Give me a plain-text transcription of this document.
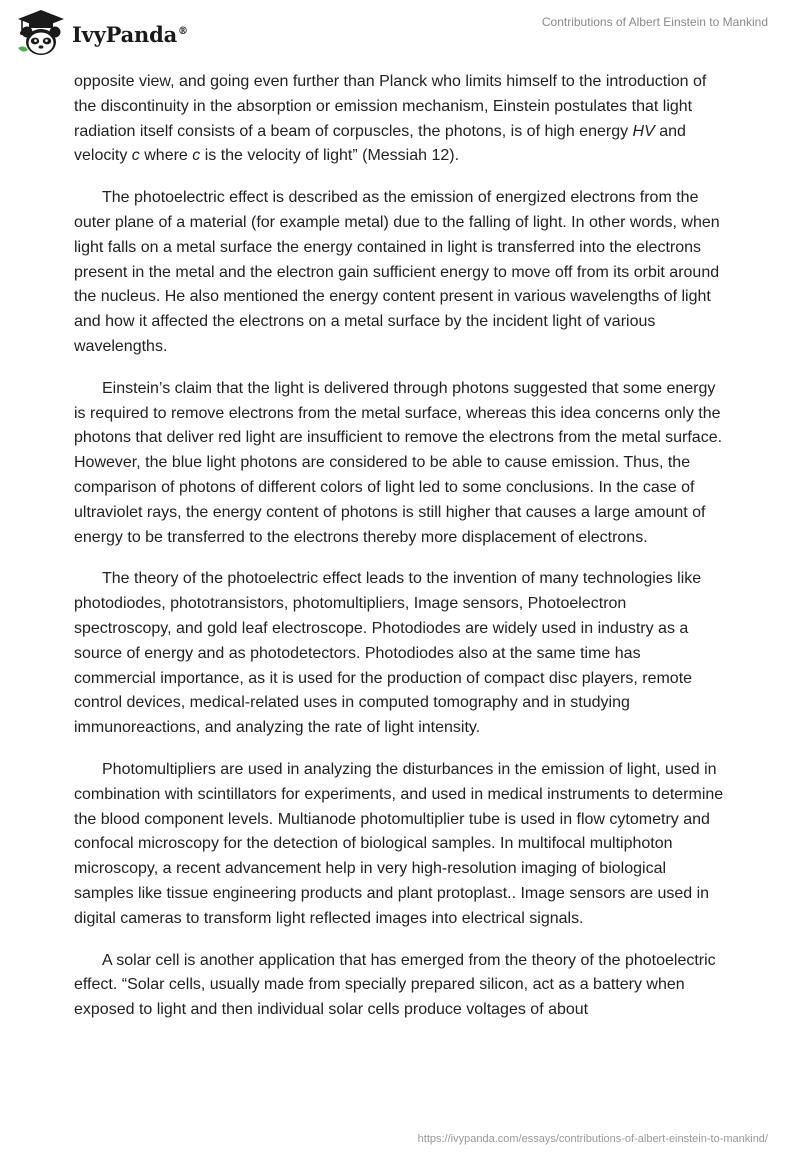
IvyPanda®
Contributions of Albert Einstein to Mankind

opposite view, and going even further than Planck who limits himself to the introduction of the discontinuity in the absorption or emission mechanism, Einstein postulates that light radiation itself consists of a beam of corpuscles, the photons, is of high energy HV and velocity c where c is the velocity of light” (Messiah 12).

The photoelectric effect is described as the emission of energized electrons from the outer plane of a material (for example metal) due to the falling of light. In other words, when light falls on a metal surface the energy contained in light is transferred into the electrons present in the metal and the electron gain sufficient energy to move off from its orbit around the nucleus. He also mentioned the energy content present in various wavelengths of light and how it affected the electrons on a metal surface by the incident light of various wavelengths.

Einstein’s claim that the light is delivered through photons suggested that some energy is required to remove electrons from the metal surface, whereas this idea concerns only the photons that deliver red light are insufficient to remove the electrons from the metal surface. However, the blue light photons are considered to be able to cause emission. Thus, the comparison of photons of different colors of light led to some conclusions. In the case of ultraviolet rays, the energy content of photons is still higher that causes a large amount of energy to be transferred to the electrons thereby more displacement of electrons.

The theory of the photoelectric effect leads to the invention of many technologies like photodiodes, phototransistors, photomultipliers, Image sensors, Photoelectron spectroscopy, and gold leaf electroscope. Photodiodes are widely used in industry as a source of energy and as photodetectors. Photodiodes also at the same time has commercial importance, as it is used for the production of compact disc players, remote control devices, medical-related uses in computed tomography and in studying immunoreactions, and analyzing the rate of light intensity.

Photomultipliers are used in analyzing the disturbances in the emission of light, used in combination with scintillators for experiments, and used in medical instruments to determine the blood component levels. Multianode photomultiplier tube is used in flow cytometry and confocal microscopy for the detection of biological samples. In multifocal multiphoton microscopy, a recent advancement help in very high-resolution imaging of biological samples like tissue engineering products and plant protoplast.. Image sensors are used in digital cameras to transform light reflected images into electrical signals.

A solar cell is another application that has emerged from the theory of the photoelectric effect. “Solar cells, usually made from specially prepared silicon, act as a battery when exposed to light and then individual solar cells produce voltages of about

https://ivypanda.com/essays/contributions-of-albert-einstein-to-mankind/
